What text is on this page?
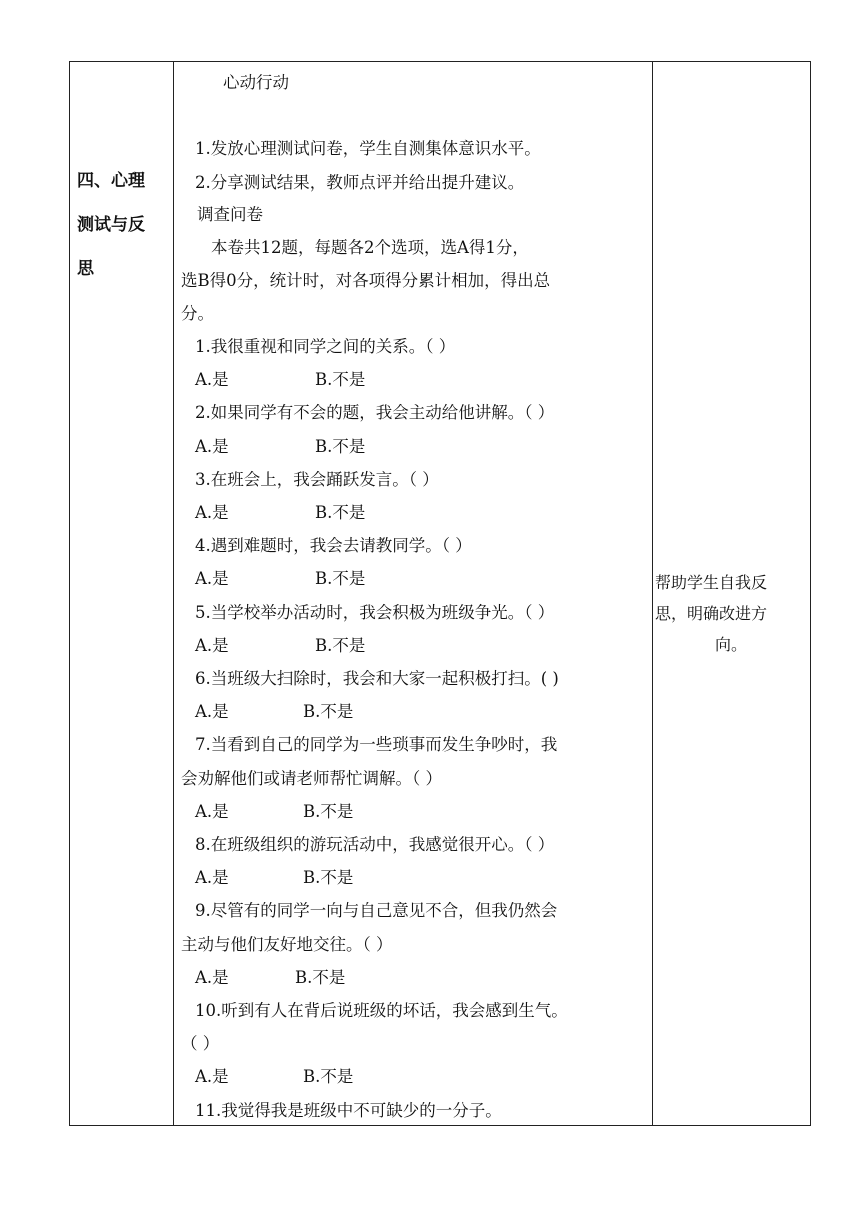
四、心理
测试与反
思
心动行动
1.发放心理测试问卷，学生自测集体意识水平。
2.分享测试结果，教师点评并给出提升建议。
调查问卷
本卷共12题，每题各2个选项，选A得1分，
选B得0分，统计时，对各项得分累计相加，得出总
分。
1.我很重视和同学之间的关系。（ ）
A.是	B.不是
2.如果同学有不会的题，我会主动给他讲解。（ ）
A.是	B.不是
3.在班会上，我会踊跃发言。（ ）
A.是	B.不是
4.遇到难题时，我会去请教同学。（ ）
A.是	B.不是
5.当学校举办活动时，我会积极为班级争光。（ ）
A.是	B.不是
6.当班级大扫除时，我会和大家一起积极打扫。( )
A.是	B.不是
7.当看到自己的同学为一些琐事而发生争吵时，我
会劝解他们或请老师帮忙调解。（ ）
A.是	B.不是
8.在班级组织的游玩活动中，我感觉很开心。（ ）
A.是	B.不是
9.尽管有的同学一向与自己意见不合，但我仍然会
主动与他们友好地交往。（ ）
A.是	B.不是
10.听到有人在背后说班级的坏话，我会感到生气。
（ ）
A.是	B.不是
11.我觉得我是班级中不可缺少的一分子。
帮助学生自我反
思，明确改进方
向。
